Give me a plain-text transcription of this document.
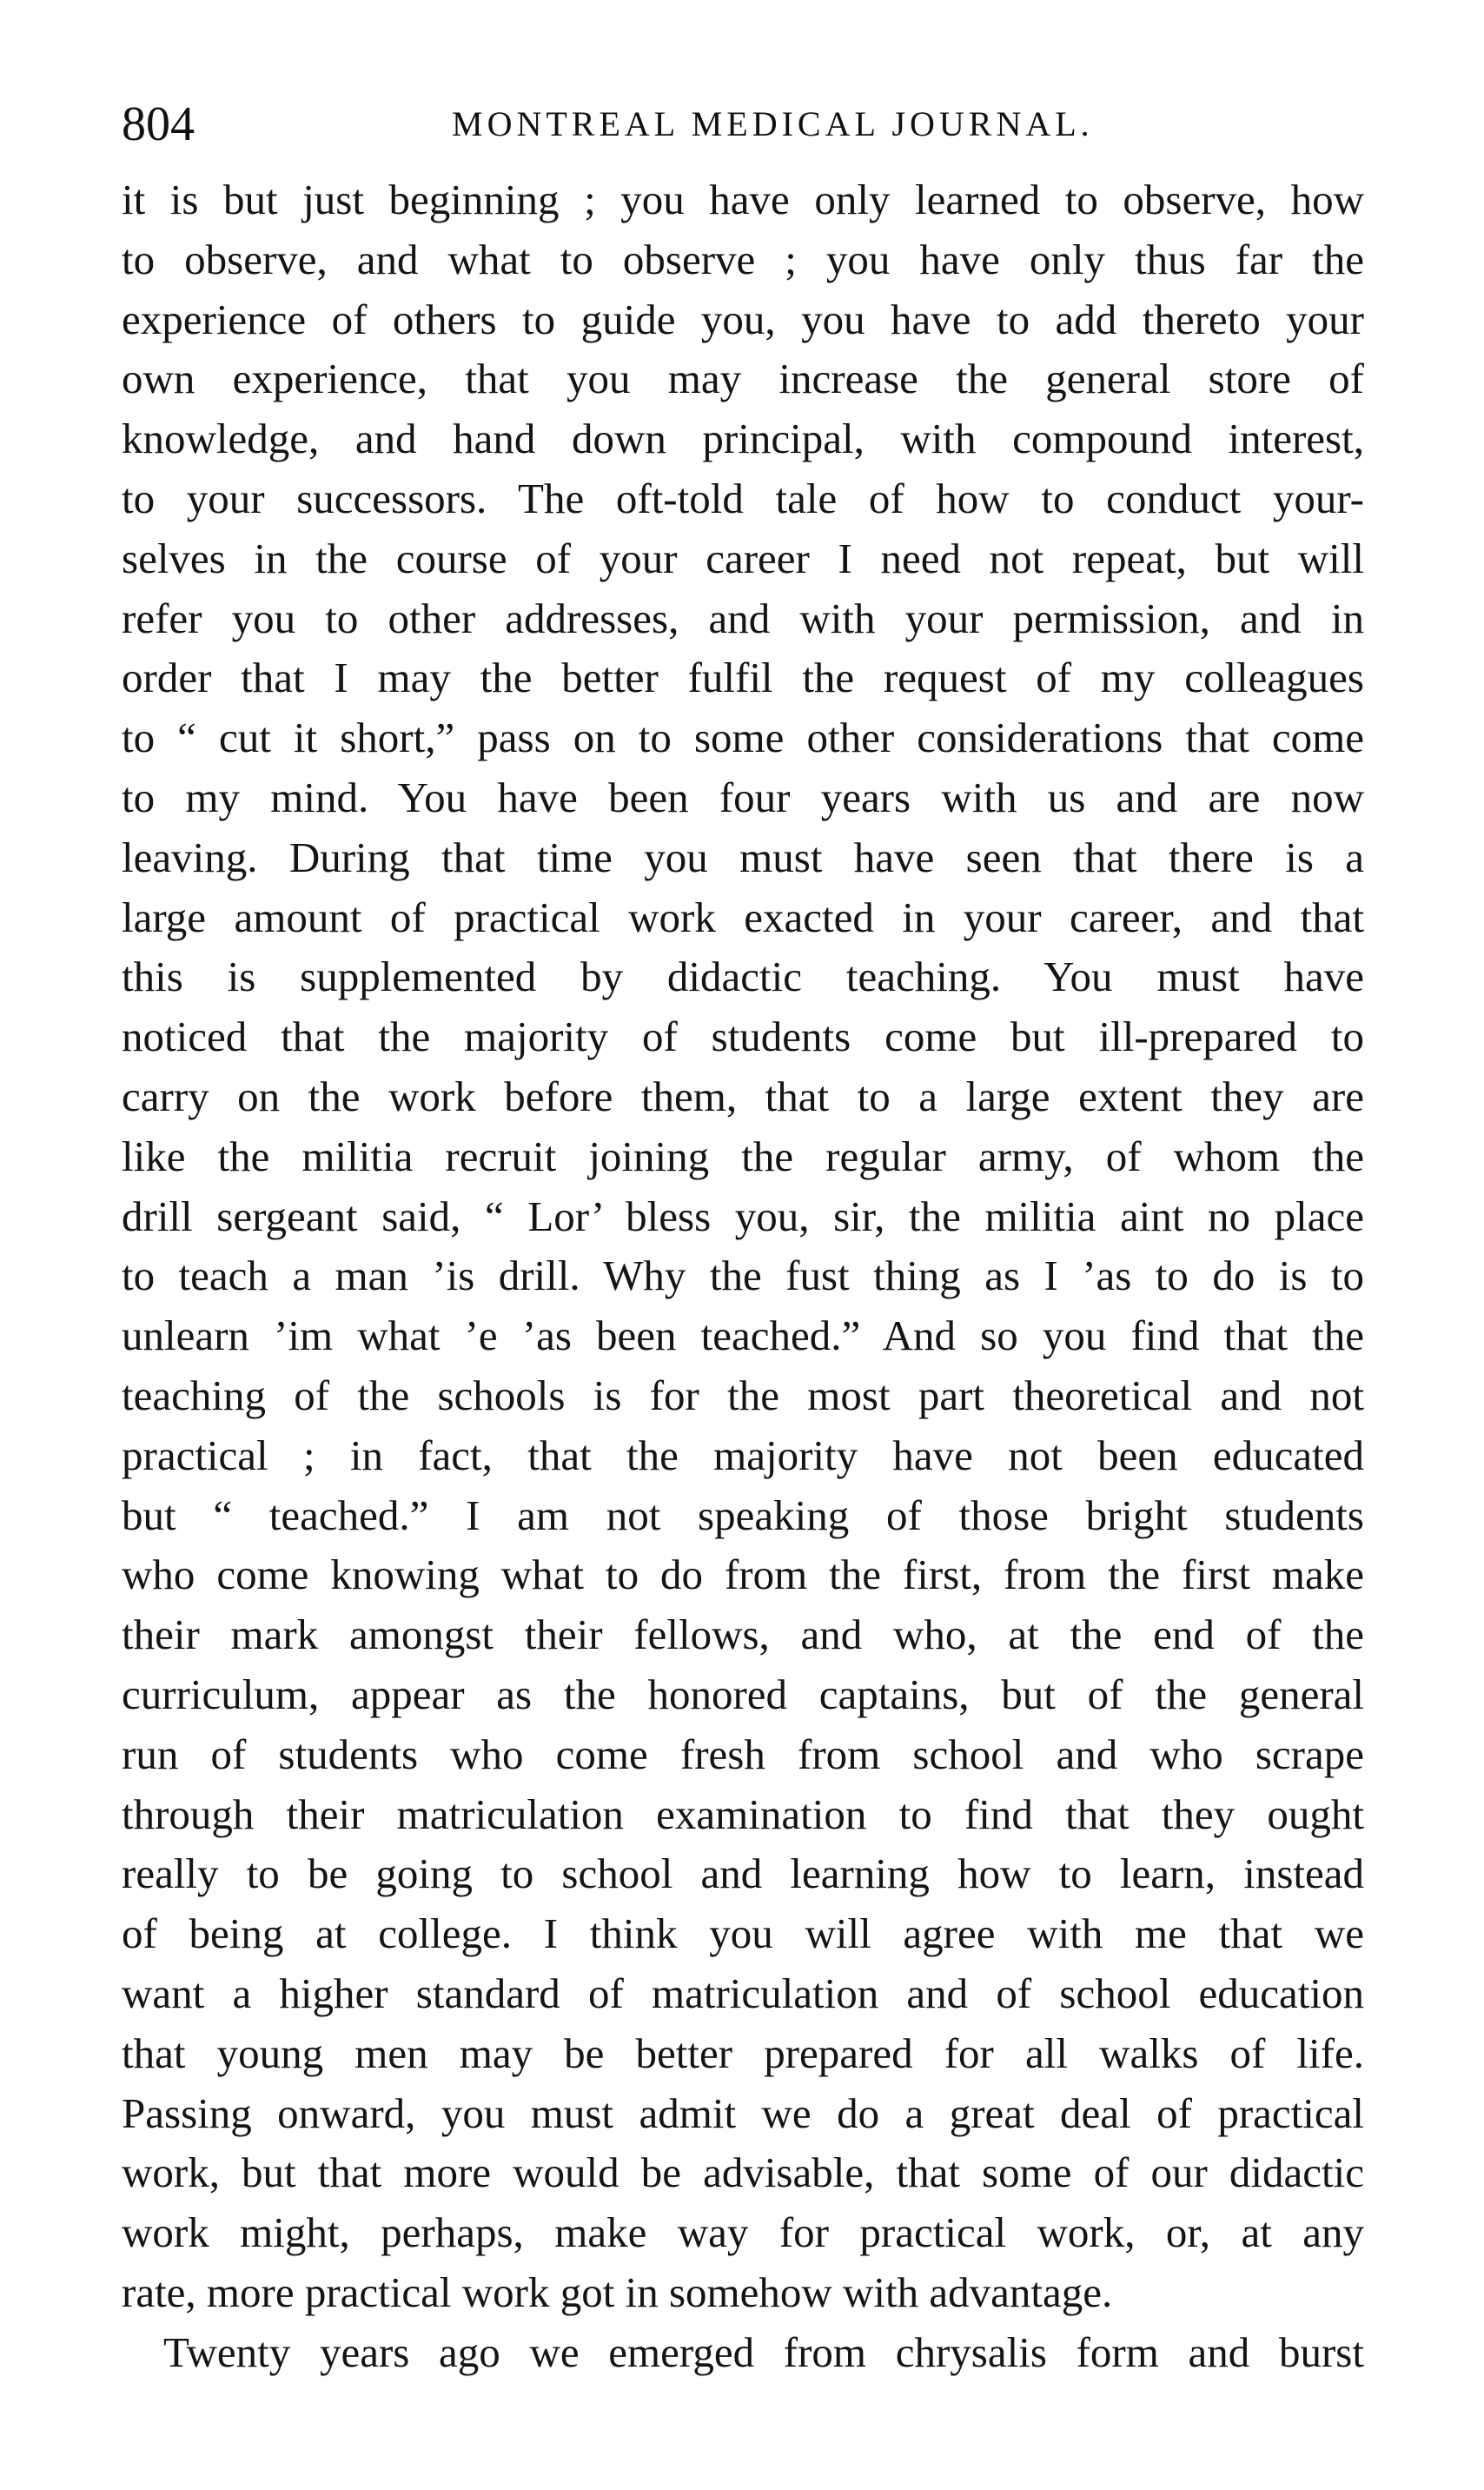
804	MONTREAL MEDICAL JOURNAL.
it is but just beginning ; you have only learned to observe, how
to observe, and what to observe ; you have only thus far the
experience of others to guide you, you have to add thereto your
own experience, that you may increase the general store of
knowledge, and hand down principal, with compound interest,
to your successors. The oft-told tale of how to conduct your-
selves in the course of your career I need not repeat, but will
refer you to other addresses, and with your permission, and in
order that I may the better fulfil the request of my colleagues
to “ cut it short,” pass on to some other considerations that come
to my mind. You have been four years with us and are now
leaving. During that time you must have seen that there is a
large amount of practical work exacted in your career, and that
this is supplemented by didactic teaching. You must have
noticed that the majority of students come but ill-prepared to
carry on the work before them, that to a large extent they are
like the militia recruit joining the regular army, of whom the
drill sergeant said, “ Lor’ bless you, sir, the militia aint no place
to teach a man ’is drill. Why the fust thing as I ’as to do is to
unlearn ’im what ’e ’as been teached.” And so you find that the
teaching of the schools is for the most part theoretical and not
practical ; in fact, that the majority have not been educated
but “ teached.” I am not speaking of those bright students
who come knowing what to do from the first, from the first make
their mark amongst their fellows, and who, at the end of the
curriculum, appear as the honored captains, but of the general
run of students who come fresh from school and who scrape
through their matriculation examination to find that they ought
really to be going to school and learning how to learn, instead
of being at college. I think you will agree with me that we
want a higher standard of matriculation and of school education
that young men may be better prepared for all walks of life.
Passing onward, you must admit we do a great deal of practical
work, but that more would be advisable, that some of our didactic
work might, perhaps, make way for practical work, or, at any
rate, more practical work got in somehow with advantage.
Twenty years ago we emerged from chrysalis form and burst
